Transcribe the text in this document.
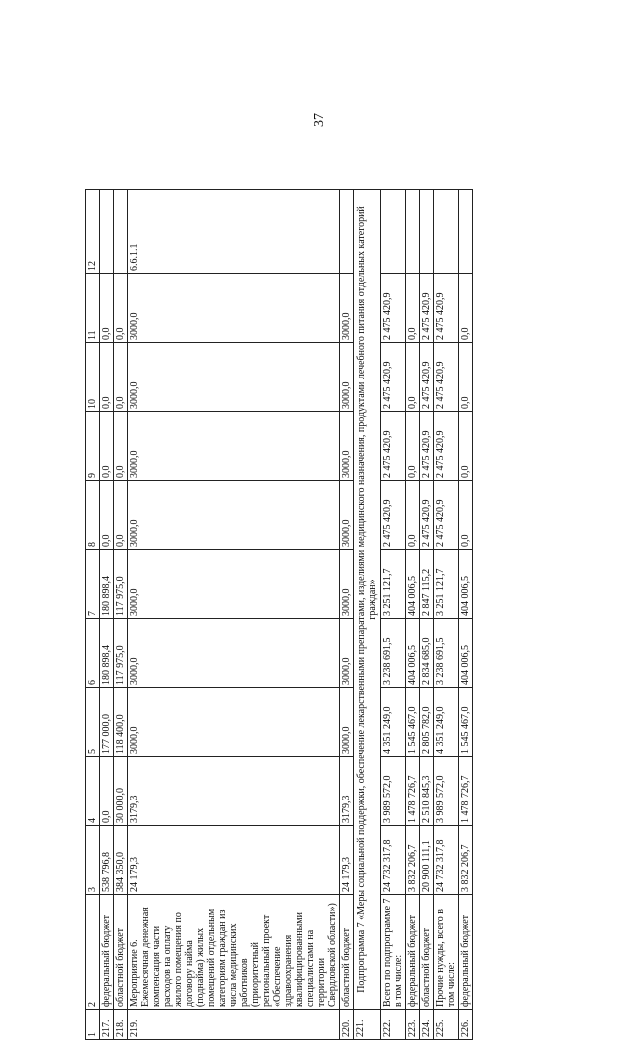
37
1	2	3	4	5	6	7	8	9	10	11	12
217.	федеральный бюджет	538 796,8	0,0	177 000,0	180 898,4	180 898,4	0,0	0,0	0,0	0,0	
218.	областной бюджет	384 350,0	30 000,0	118 400,0	117 975,0	117 975,0	0,0	0,0	0,0	0,0	
219.	Мероприятие 6. Ежемесячная денежная компенсация части расходов на оплату жилого помещения по договору найма (поднайма) жилых помещений отдельным категориям граждан из числа медицинских работников (приоритетный региональный проект «Обеспечение здравоохранения квалифицированными специалистами на территории Свердловской области»)	24 179,3	3179,3	3000,0	3000,0	3000,0	3000,0	3000,0	3000,0	3000,0	6.6.1.1
220.	областной бюджет	24 179,3	3179,3	3000,0	3000,0	3000,0	3000,0	3000,0	3000,0	3000,0	
221.	Подпрограмма 7 «Меры социальной поддержки, обеспечение лекарственными препаратами, изделиями медицинского назначения, продуктами лечебного питания отдельных категорий граждан»										
222.	Всего по подпрограмме 7 в том числе:	24 732 317,8	3 989 572,0	4 351 249,0	3 238 691,5	3 251 121,7	2 475 420,9	2 475 420,9	2 475 420,9	2 475 420,9	
223.	федеральный бюджет	3 832 206,7	1 478 726,7	1 545 467,0	404 006,5	404 006,5	0,0	0,0	0,0	0,0	
224.	областной бюджет	20 900 111,1	2 510 845,3	2 805 782,0	2 834 685,0	2 847 115,2	2 475 420,9	2 475 420,9	2 475 420,9	2 475 420,9	
225.	Прочие нужды, всего в том числе:	24 732 317,8	3 989 572,0	4 351 249,0	3 238 691,5	3 251 121,7	2 475 420,9	2 475 420,9	2 475 420,9	2 475 420,9	
226.	федеральный бюджет	3 832 206,7	1 478 726,7	1 545 467,0	404 006,5	404 006,5	0,0	0,0	0,0	0,0	
